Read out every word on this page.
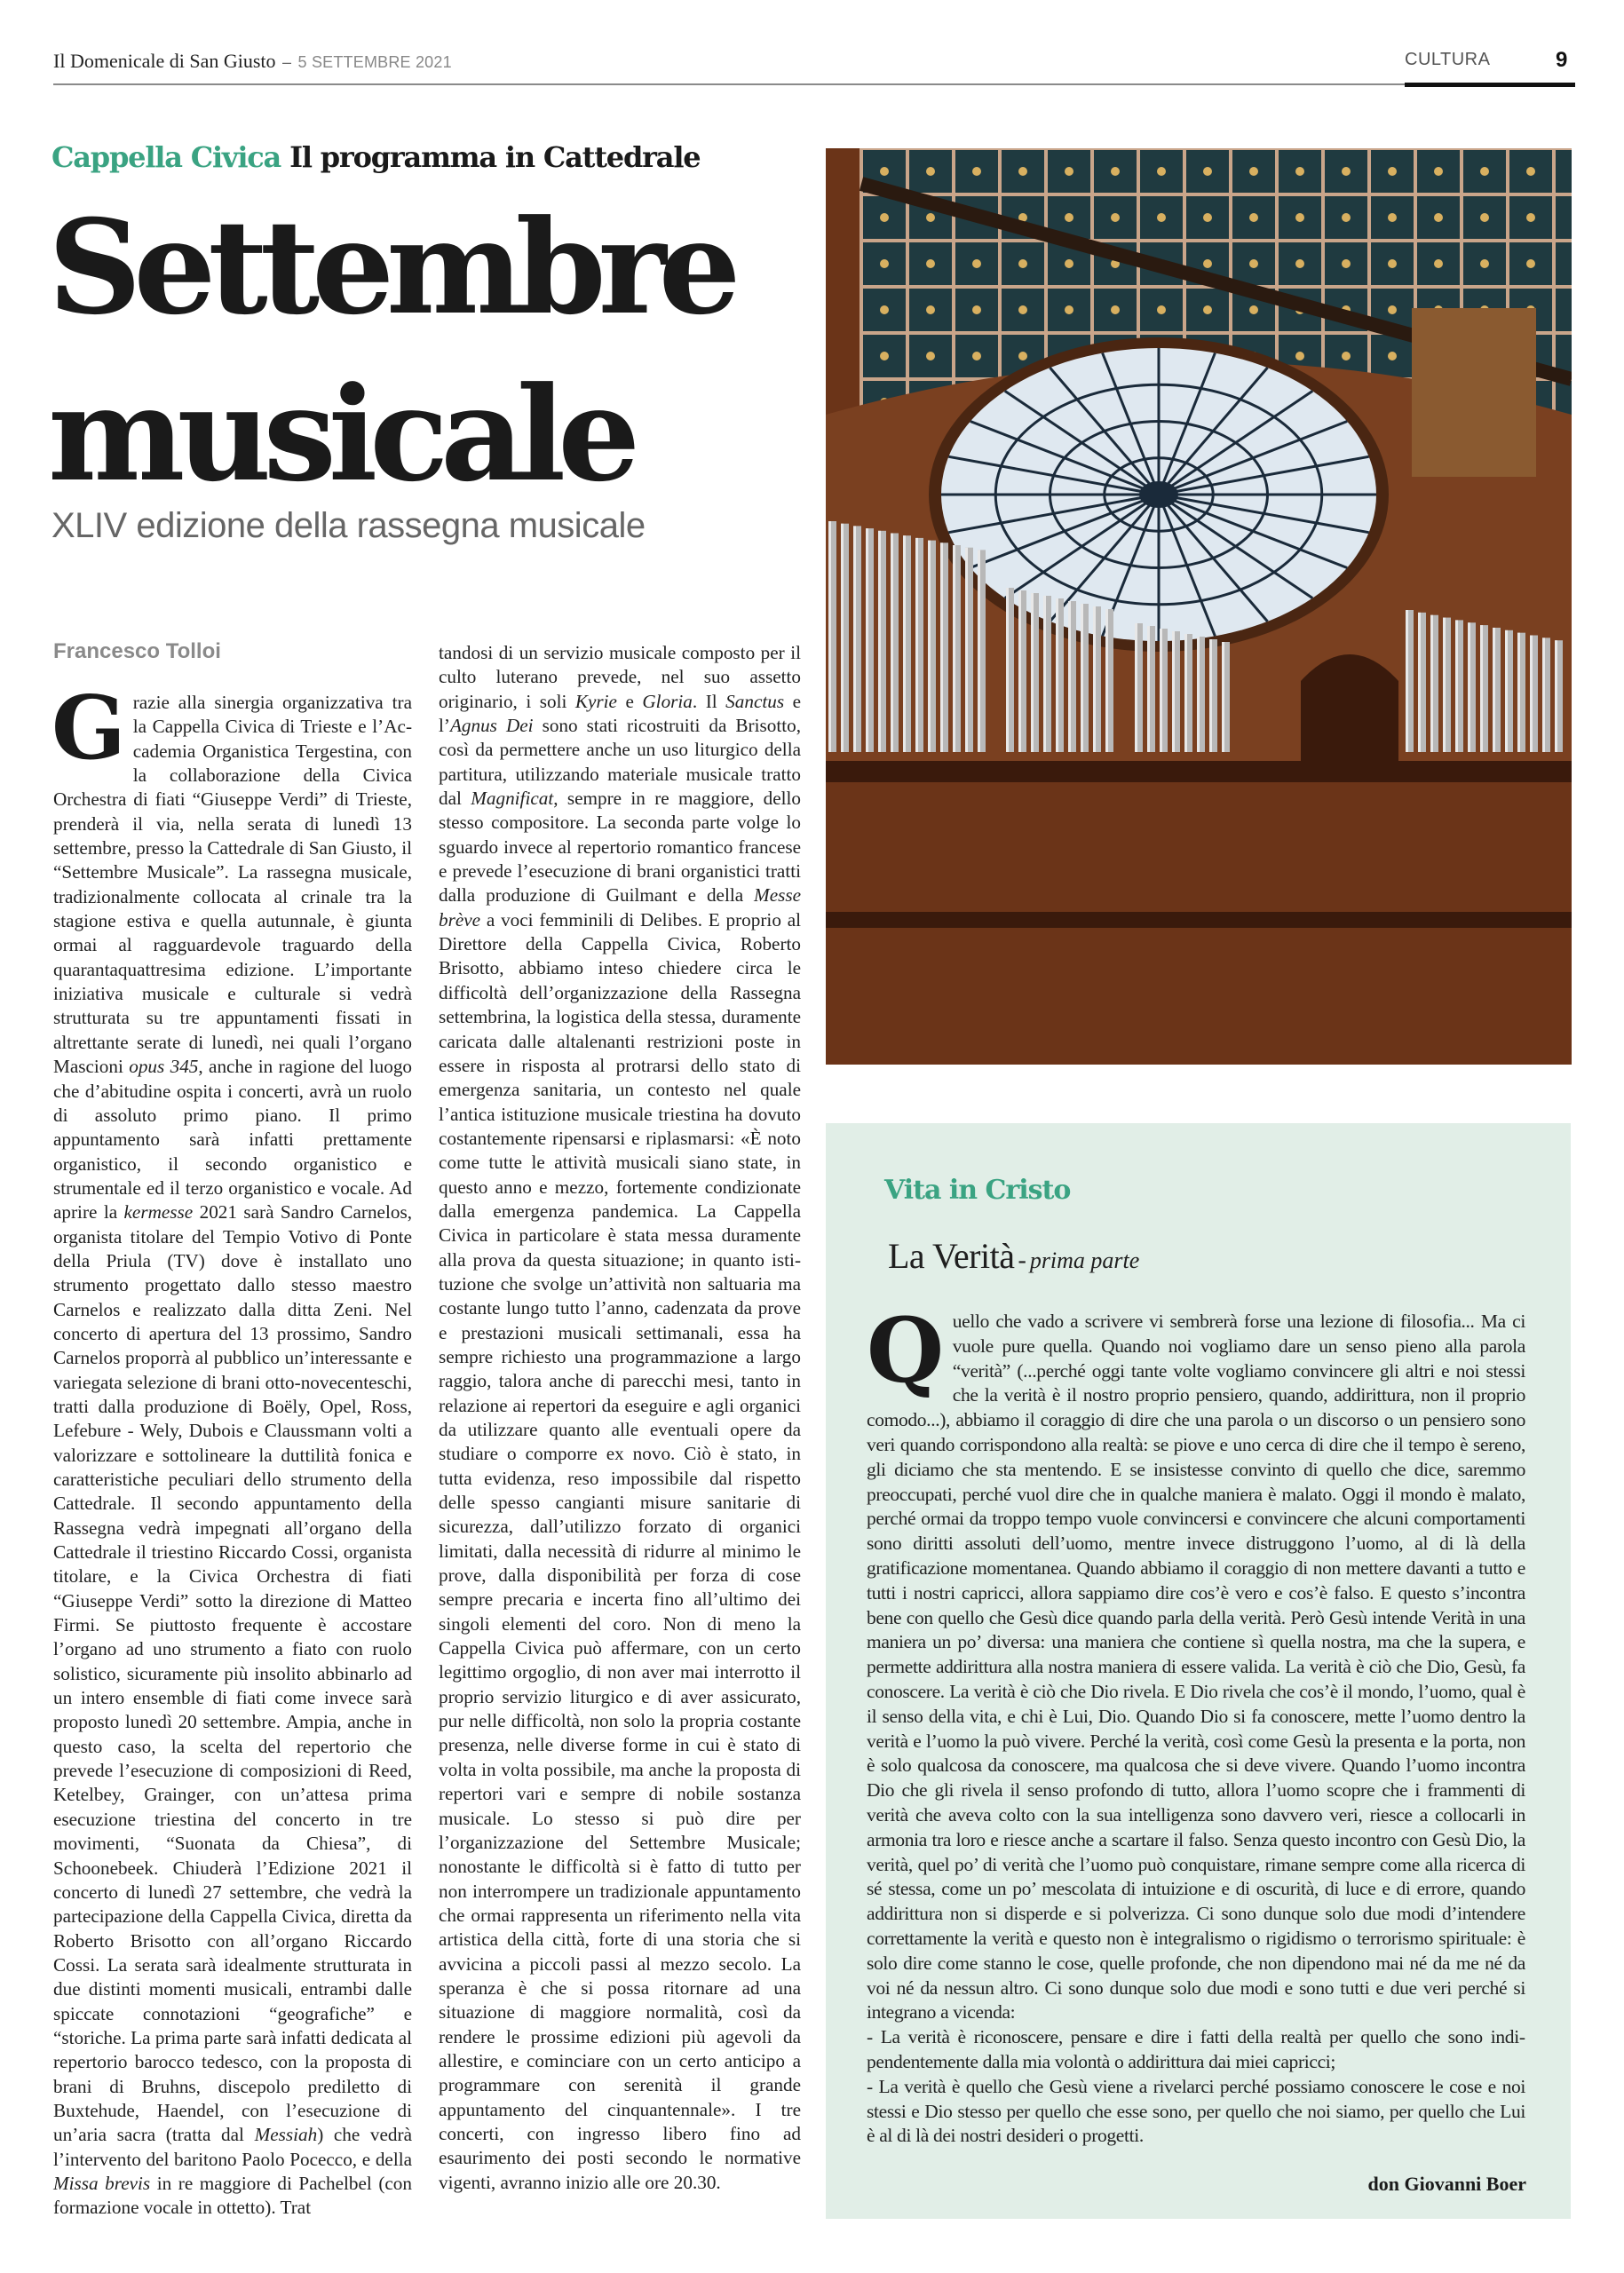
Il Domenicale di San Giusto – 5 SETTEMBRE 2021	CULTURA	9
Cappella Civica Il programma in Cattedrale
Settembre
musicale
XLIV edizione della rassegna musicale
Francesco Tolloi

Grazie alla sinergia organizzativa tra la Cappella Civica di Trieste e l’Accademia Organistica Tergestina, con la collaborazione della Civica Orchestra di fiati “Giuseppe Verdi” di Trieste, prenderà il via, nella serata di lunedì 13 settembre, presso la Cattedrale di San Giusto, il “Settembre Musicale”. La rassegna musicale, tradizionalmente collocata al crinale tra la stagione estiva e quella autunnale, è giunta ormai al ragguardevole traguardo della quarantaquattresima edizione. L’importante iniziativa musicale e culturale si vedrà strutturata su tre appuntamenti fissati in altrettante serate di lunedì, nei quali l’organo Mascioni opus 345, anche in ragione del luogo che d’abitudine ospita i concerti, avrà un ruolo di assoluto primo piano. Il primo appuntamento sarà infatti prettamente organistico, il secondo organistico e strumentale ed il terzo organistico e vocale. Ad aprire la kermesse 2021 sarà Sandro Carnelos, organista titolare del Tempio Votivo di Ponte della Priula (TV) dove è installato uno strumento progettato dallo stesso maestro Carnelos e realizzato dalla ditta Zeni. Nel concerto di apertura del 13 prossimo, Sandro Carnelos proporrà al pubblico un’interessante e variegata selezione di brani otto-novecenteschi, tratti dalla produzione di Boëly, Opel, Ross, Lefebure - Wely, Dubois e Claussmann volti a valorizzare e sottolineare la duttilità fonica e caratteristiche peculiari dello strumento della Cattedrale. Il secondo appuntamento della Rassegna vedrà impegnati all’organo della Cattedrale il triestino Riccardo Cossi, organista titolare, e la Civica Orchestra di fiati “Giuseppe Verdi” sotto la direzione di Matteo Firmi. Se piuttosto frequente è accostare l’organo ad uno strumento a fiato con ruolo solistico, sicuramente più insolito abbinarlo ad un intero ensemble di fiati come invece sarà proposto lunedì 20 settembre. Ampia, anche in questo caso, la scelta del repertorio che prevede l’esecuzione di composizioni di Reed, Ketelbey, Grainger, con un’attesa prima esecuzione triestina del concerto in tre movimenti, “Suonata da Chiesa”, di Schoonebeek. Chiuderà l’Edizione 2021 il concerto di lunedì 27 settembre, che vedrà la partecipazione della Cappella Civica, diretta da Roberto Brisotto con all’organo Riccardo Cossi. La serata sarà idealmente strutturata in due distinti momenti musicali, entrambi dalle spiccate connotazioni “geografiche” e “storiche. La prima parte sarà infatti dedicata al repertorio barocco tedesco, con la proposta di brani di Bruhns, discepolo prediletto di Buxtehude, Haendel, con l’esecuzione di un’aria sacra (tratta dal Messiah) che vedrà l’intervento del baritono Paolo Pocecco, e della Missa brevis in re maggiore di Pachelbel (con formazione vocale in ottetto). Trat

tandosi di un servizio musicale composto per il culto luterano prevede, nel suo assetto originario, i soli Kyrie e Gloria. Il Sanctus e l’Agnus Dei sono stati ricostruiti da Brisotto, così da permettere anche un uso liturgico della partitura, utilizzando materiale musicale tratto dal Magnificat, sempre in re maggiore, dello stesso compositore. La seconda parte volge lo sguardo invece al repertorio romantico francese e prevede l’esecuzione di brani organistici tratti dalla produzione di Guilmant e della Messe brève a voci femminili di Delibes. E proprio al Direttore della Cappella Civica, Roberto Brisotto, abbiamo inteso chiedere circa le difficoltà dell’organizzazione della Rassegna settembrina, la logistica della stessa, duramente caricata dalle altalenanti restrizioni poste in essere in risposta al protrarsi dello stato di emergenza sanitaria, un contesto nel quale l’antica istituzione musicale triestina ha dovuto costantemente ripensarsi e riplasmarsi: «È noto come tutte le attività musicali siano state, in questo anno e mezzo, fortemente condizionate dalla emergenza pandemica. La Cappella Civica in particolare è stata messa duramente alla prova da questa situazione; in quanto istituzione che svolge un’attività non saltuaria ma costante lungo tutto l’anno, cadenzata da prove e prestazioni musicali settimanali, essa ha sempre richiesto una programmazione a largo raggio, talora anche di parecchi mesi, tanto in relazione ai repertori da eseguire e agli organici da utilizzare quanto alle eventuali opere da studiare o comporre ex novo. Ciò è stato, in tutta evidenza, reso impossibile dal rispetto delle spesso cangianti misure sanitarie di sicurezza, dall’utilizzo forzato di organici limitati, dalla necessità di ridurre al minimo le prove, dalla disponibilità per forza di cose sempre precaria e incerta fino all’ultimo dei singoli elementi del coro. Non di meno la Cappella Civica può affermare, con un certo legittimo orgoglio, di non aver mai interrotto il proprio servizio liturgico e di aver assicurato, pur nelle difficoltà, non solo la propria costante presenza, nelle diverse forme in cui è stato di volta in volta possibile, ma anche la proposta di repertori vari e sempre di nobile sostanza musicale. Lo stesso si può dire per l’organizzazione del Settembre Musicale; nonostante le difficoltà si è fatto di tutto per non interrompere un tradizionale appuntamento che ormai rappresenta un riferimento nella vita artistica della città, forte di una storia che si avvicina a piccoli passi al mezzo secolo. La speranza è che si possa ritornare ad una situazione di maggiore normalità, così da rendere le prossime edizioni più agevoli da allestire, e cominciare con un certo anticipo a programmare con serenità il grande appuntamento del cinquantennale». I tre concerti, con ingresso libero fino ad esaurimento dei posti secondo le normative vigenti, avranno inizio alle ore 20.30.

Vita in Cristo
La Verità - prima parte

Quello che vado a scrivere vi sembrerà forse una lezione di filosofia... Ma ci vuole pure quella. Quando noi vogliamo dare un senso pieno alla parola “verità” (...perché oggi tante volte vogliamo convincere gli altri e noi stessi che la verità è il nostro proprio pensiero, quando, addirittura, non il proprio comodo...), abbiamo il coraggio di dire che una parola o un discorso o un pensiero sono veri quando corrispondono alla realtà: se piove e uno cerca di dire che il tempo è sereno, gli diciamo che sta mentendo. E se insistesse convinto di quello che dice, saremmo preoccupati, perché vuol dire che in qualche maniera è malato. Oggi il mondo è malato, perché ormai da troppo tempo vuole convincersi e convincere che alcuni comportamenti sono diritti assoluti dell’uomo, mentre invece distruggono l’uomo, al di là della gratificazione momentanea. Quando abbiamo il coraggio di non mettere davanti a tutto e tutti i nostri capricci, allora sappiamo dire cos’è vero e cos’è falso. E questo s’incontra bene con quello che Gesù dice quando parla della verità. Però Gesù intende Verità in una maniera un po’ diversa: una maniera che contiene sì quella nostra, ma che la supera, e permette addirittura alla nostra maniera di essere valida. La verità è ciò che Dio, Gesù, fa conoscere. La verità è ciò che Dio rivela. E Dio rivela che cos’è il mondo, l’uomo, qual è il senso della vita, e chi è Lui, Dio. Quando Dio si fa conoscere, mette l’uomo dentro la verità e l’uomo la può vivere. Perché la verità, così come Gesù la presenta e la porta, non è solo qualcosa da conoscere, ma qualcosa che si deve vivere. Quando l’uomo incontra Dio che gli rivela il senso profondo di tutto, allora l’uomo scopre che i frammenti di verità che aveva colto con la sua intelligenza sono davvero veri, riesce a collocarli in armonia tra loro e riesce anche a scartare il falso. Senza questo incontro con Gesù Dio, la verità, quel po’ di verità che l’uomo può conquistare, rimane sempre come alla ricerca di sé stessa, come un po’ mescolata di intuizione e di oscurità, di luce e di errore, quando addirittura non si disperde e si polverizza. Ci sono dunque solo due modi d’intendere correttamente la verità e questo non è integralismo o rigidismo o terrorismo spirituale: è solo dire come stanno le cose, quelle profonde, che non dipendono mai né da me né da voi né da nessun altro. Ci sono dunque solo due modi e sono tutti e due veri perché si integrano a vicenda:

- La verità è riconoscere, pensare e dire i fatti della realtà per quello che sono indipendentemente dalla mia volontà o addirittura dai miei capricci;

- La verità è quello che Gesù viene a rivelarci perché possiamo conoscere le cose e noi stessi e Dio stesso per quello che esse sono, per quello che noi siamo, per quello che Lui è al di là dei nostri desideri o progetti.

don Giovanni Boer
